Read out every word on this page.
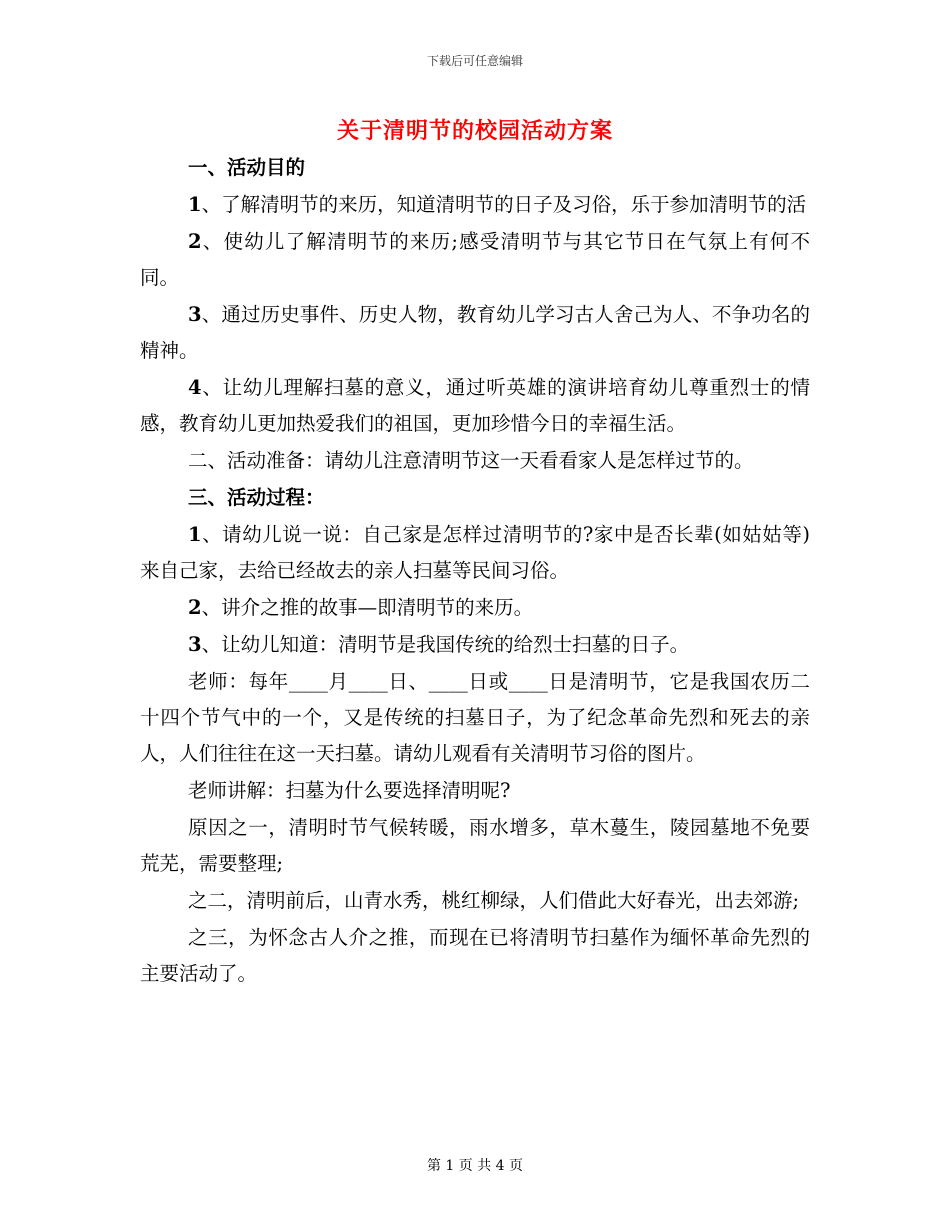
下载后可任意编辑
关于清明节的校园活动方案

一、活动目的

1、了解清明节的来历，知道清明节的日子及习俗，乐于参加清明节的活

2、使幼儿了解清明节的来历;感受清明节与其它节日在气氛上有何不同。

3、通过历史事件、历史人物，教育幼儿学习古人舍己为人、不争功名的精神。

4、让幼儿理解扫墓的意义，通过听英雄的演讲培育幼儿尊重烈士的情感，教育幼儿更加热爱我们的祖国，更加珍惜今日的幸福生活。

二、活动准备：请幼儿注意清明节这一天看看家人是怎样过节的。

三、活动过程：

1、请幼儿说一说：自己家是怎样过清明节的?家中是否长辈(如姑姑等)来自己家，去给已经故去的亲人扫墓等民间习俗。

2、讲介之推的故事—即清明节的来历。

3、让幼儿知道：清明节是我国传统的给烈士扫墓的日子。

老师：每年____月____日、____日或____日是清明节，它是我国农历二十四个节气中的一个，又是传统的扫墓日子，为了纪念革命先烈和死去的亲人，人们往往在这一天扫墓。请幼儿观看有关清明节习俗的图片。

老师讲解：扫墓为什么要选择清明呢?

原因之一，清明时节气候转暖，雨水增多，草木蔓生，陵园墓地不免要荒芜，需要整理;

之二，清明前后，山青水秀，桃红柳绿，人们借此大好春光，出去郊游;

之三，为怀念古人介之推，而现在已将清明节扫墓作为缅怀革命先烈的主要活动了。

第 1 页 共 4 页
